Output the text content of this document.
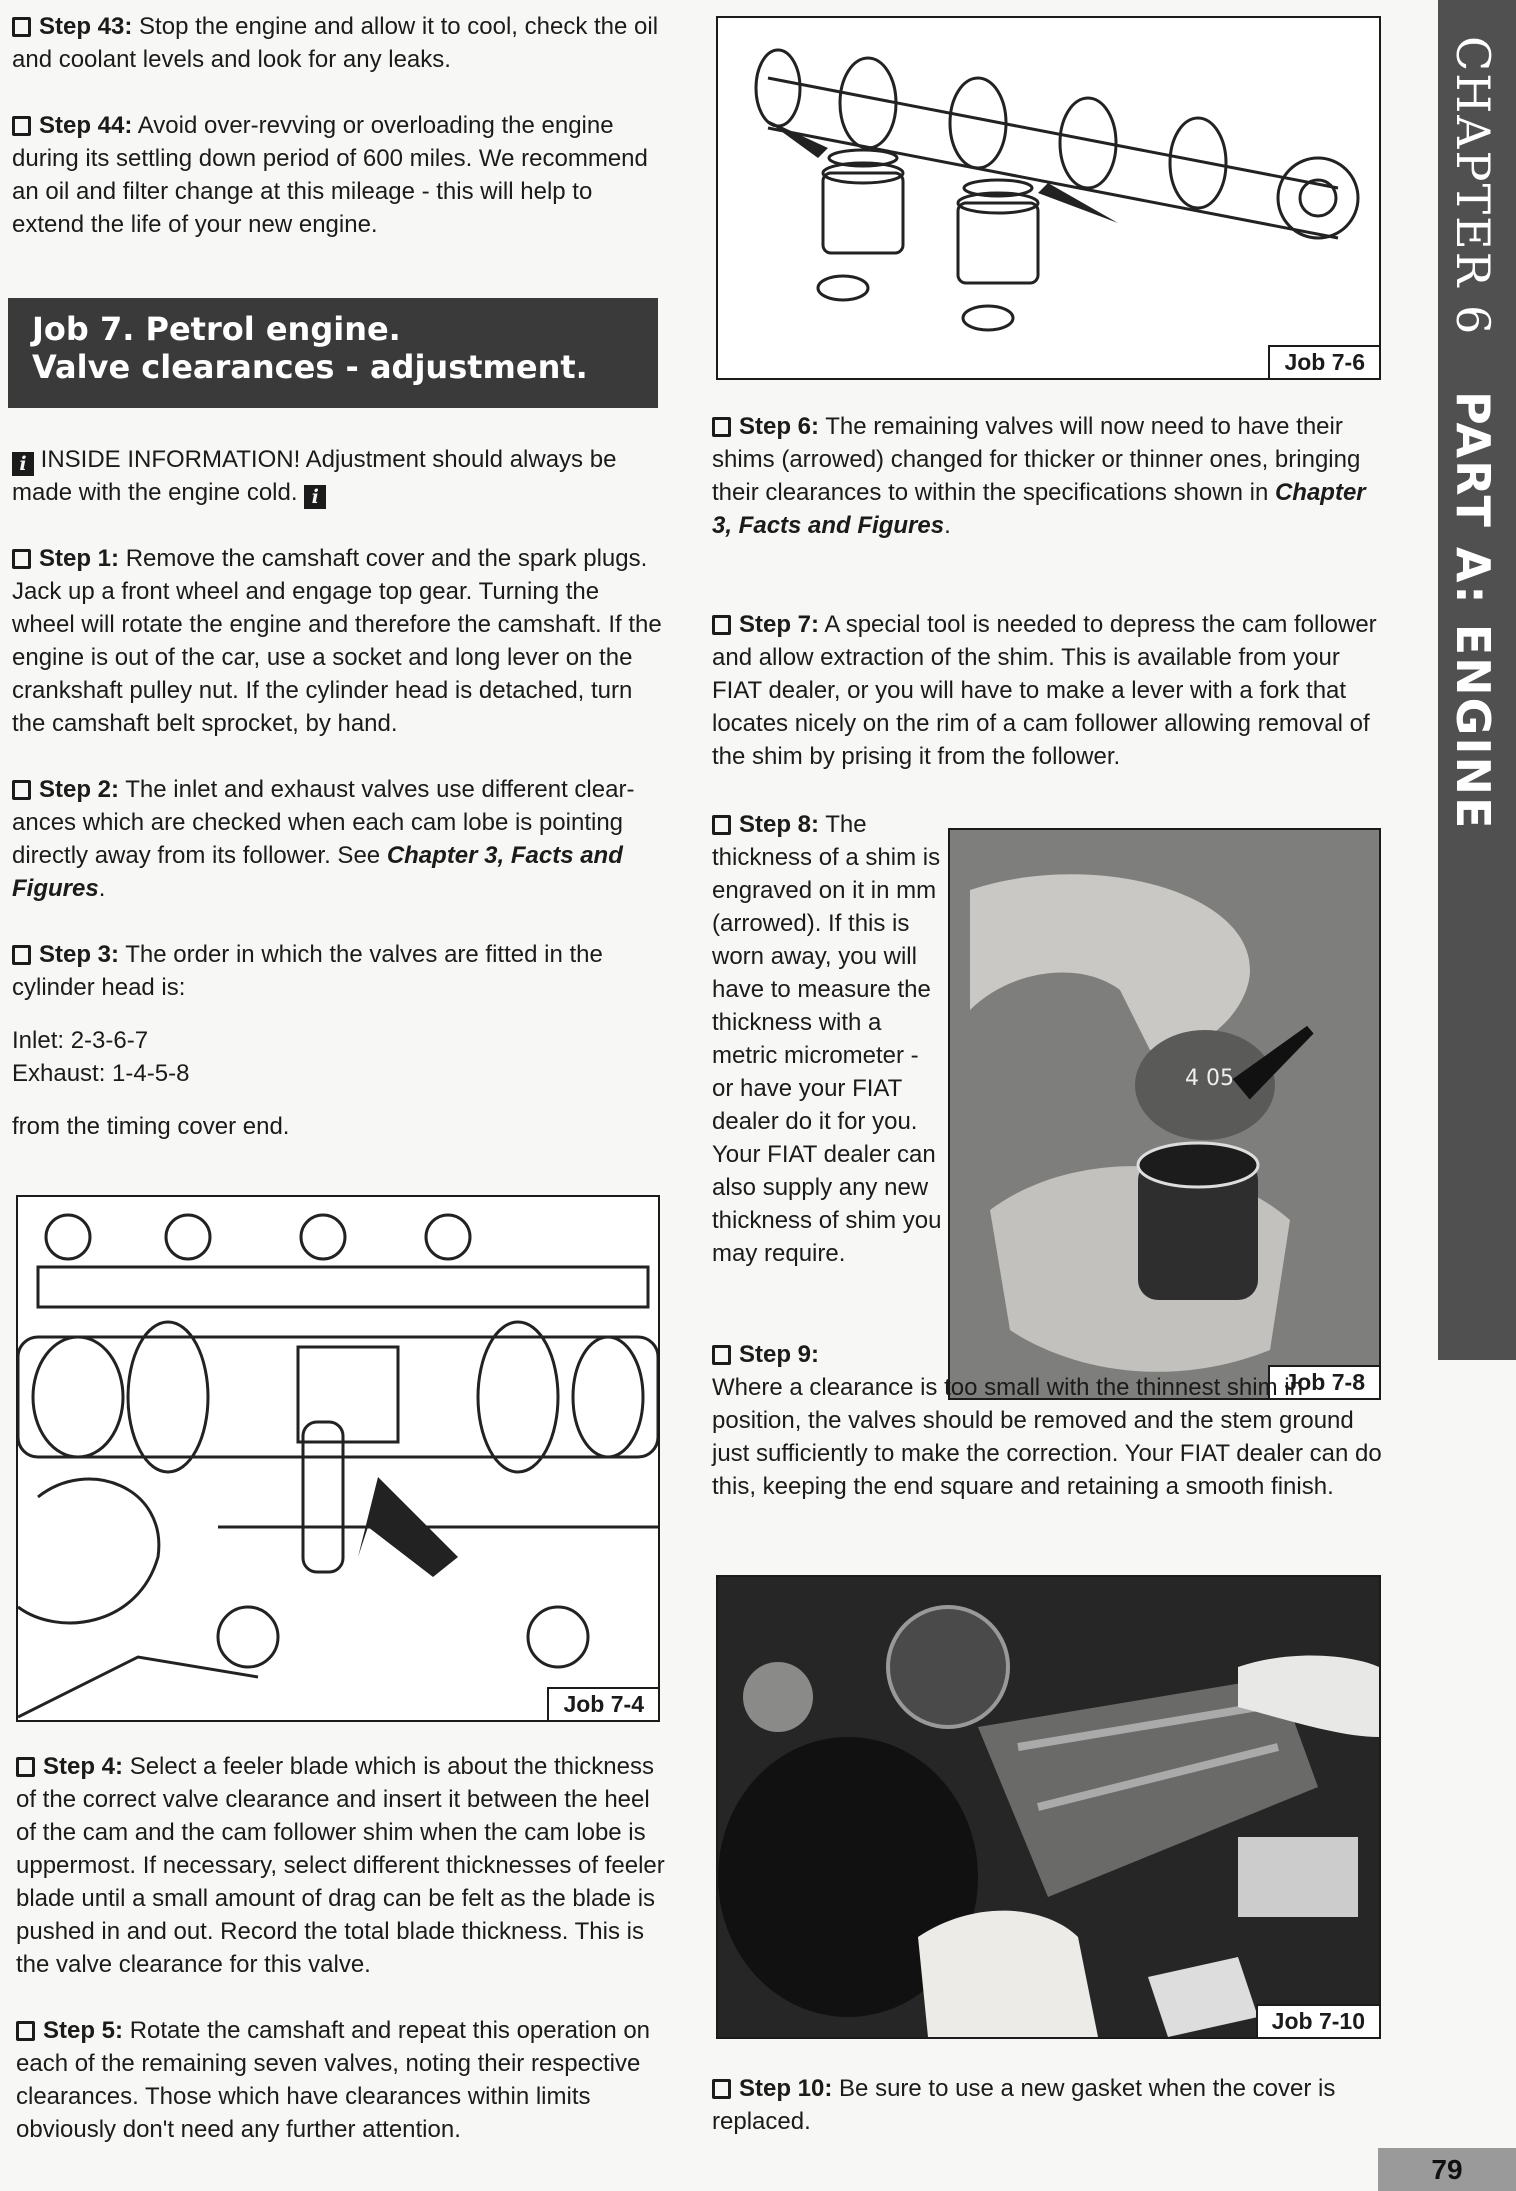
CHAPTER 6 PART A: ENGINE

Step 43: Stop the engine and allow it to cool, check the oil and coolant levels and look for any leaks.

Step 44: Avoid over-revving or overloading the engine during its settling down period of 600 miles. We recommend an oil and filter change at this mileage - this will help to extend the life of your new engine.

Job 7. Petrol engine.
Valve clearances - adjustment.

i INSIDE INFORMATION! Adjustment should always be made with the engine cold. i

Step 1: Remove the camshaft cover and the spark plugs. Jack up a front wheel and engage top gear. Turning the wheel will rotate the engine and therefore the camshaft. If the engine is out of the car, use a socket and long lever on the crankshaft pulley nut. If the cylinder head is detached, turn the camshaft belt sprocket, by hand.

Step 2: The inlet and exhaust valves use different clear-ances which are checked when each cam lobe is pointing directly away from its follower. See Chapter 3, Facts and Figures.

Step 3: The order in which the valves are fitted in the cylinder head is:

Inlet: 2-3-6-7

Exhaust: 1-4-5-8

from the timing cover end.

Job 7-4

Step 4: Select a feeler blade which is about the thickness of the correct valve clearance and insert it between the heel of the cam and the cam follower shim when the cam lobe is uppermost. If necessary, select different thicknesses of feeler blade until a small amount of drag can be felt as the blade is pushed in and out. Record the total blade thickness. This is the valve clearance for this valve.

Step 5: Rotate the camshaft and repeat this operation on each of the remaining seven valves, noting their respective clearances. Those which have clearances within limits obviously don't need any further attention.

Job 7-6

Step 6: The remaining valves will now need to have their shims (arrowed) changed for thicker or thinner ones, bringing their clearances to within the specifications shown in Chapter 3, Facts and Figures.

Step 7: A special tool is needed to depress the cam follower and allow extraction of the shim. This is available from your FIAT dealer, or you will have to make a lever with a fork that locates nicely on the rim of a cam follower allowing removal of the shim by prising it from the follower.

Step 8: The thickness of a shim is engraved on it in mm (arrowed). If this is worn away, you will have to measure the thickness with a metric micrometer - or have your FIAT dealer do it for you. Your FIAT dealer can also supply any new thickness of shim you may require.

4 05
Job 7-8

Step 9:

Where a clearance is too small with the thinnest shim in position, the valves should be removed and the stem ground just sufficiently to make the correction. Your FIAT dealer can do this, keeping the end square and retaining a smooth finish.

Job 7-10

Step 10: Be sure to use a new gasket when the cover is replaced.

79
